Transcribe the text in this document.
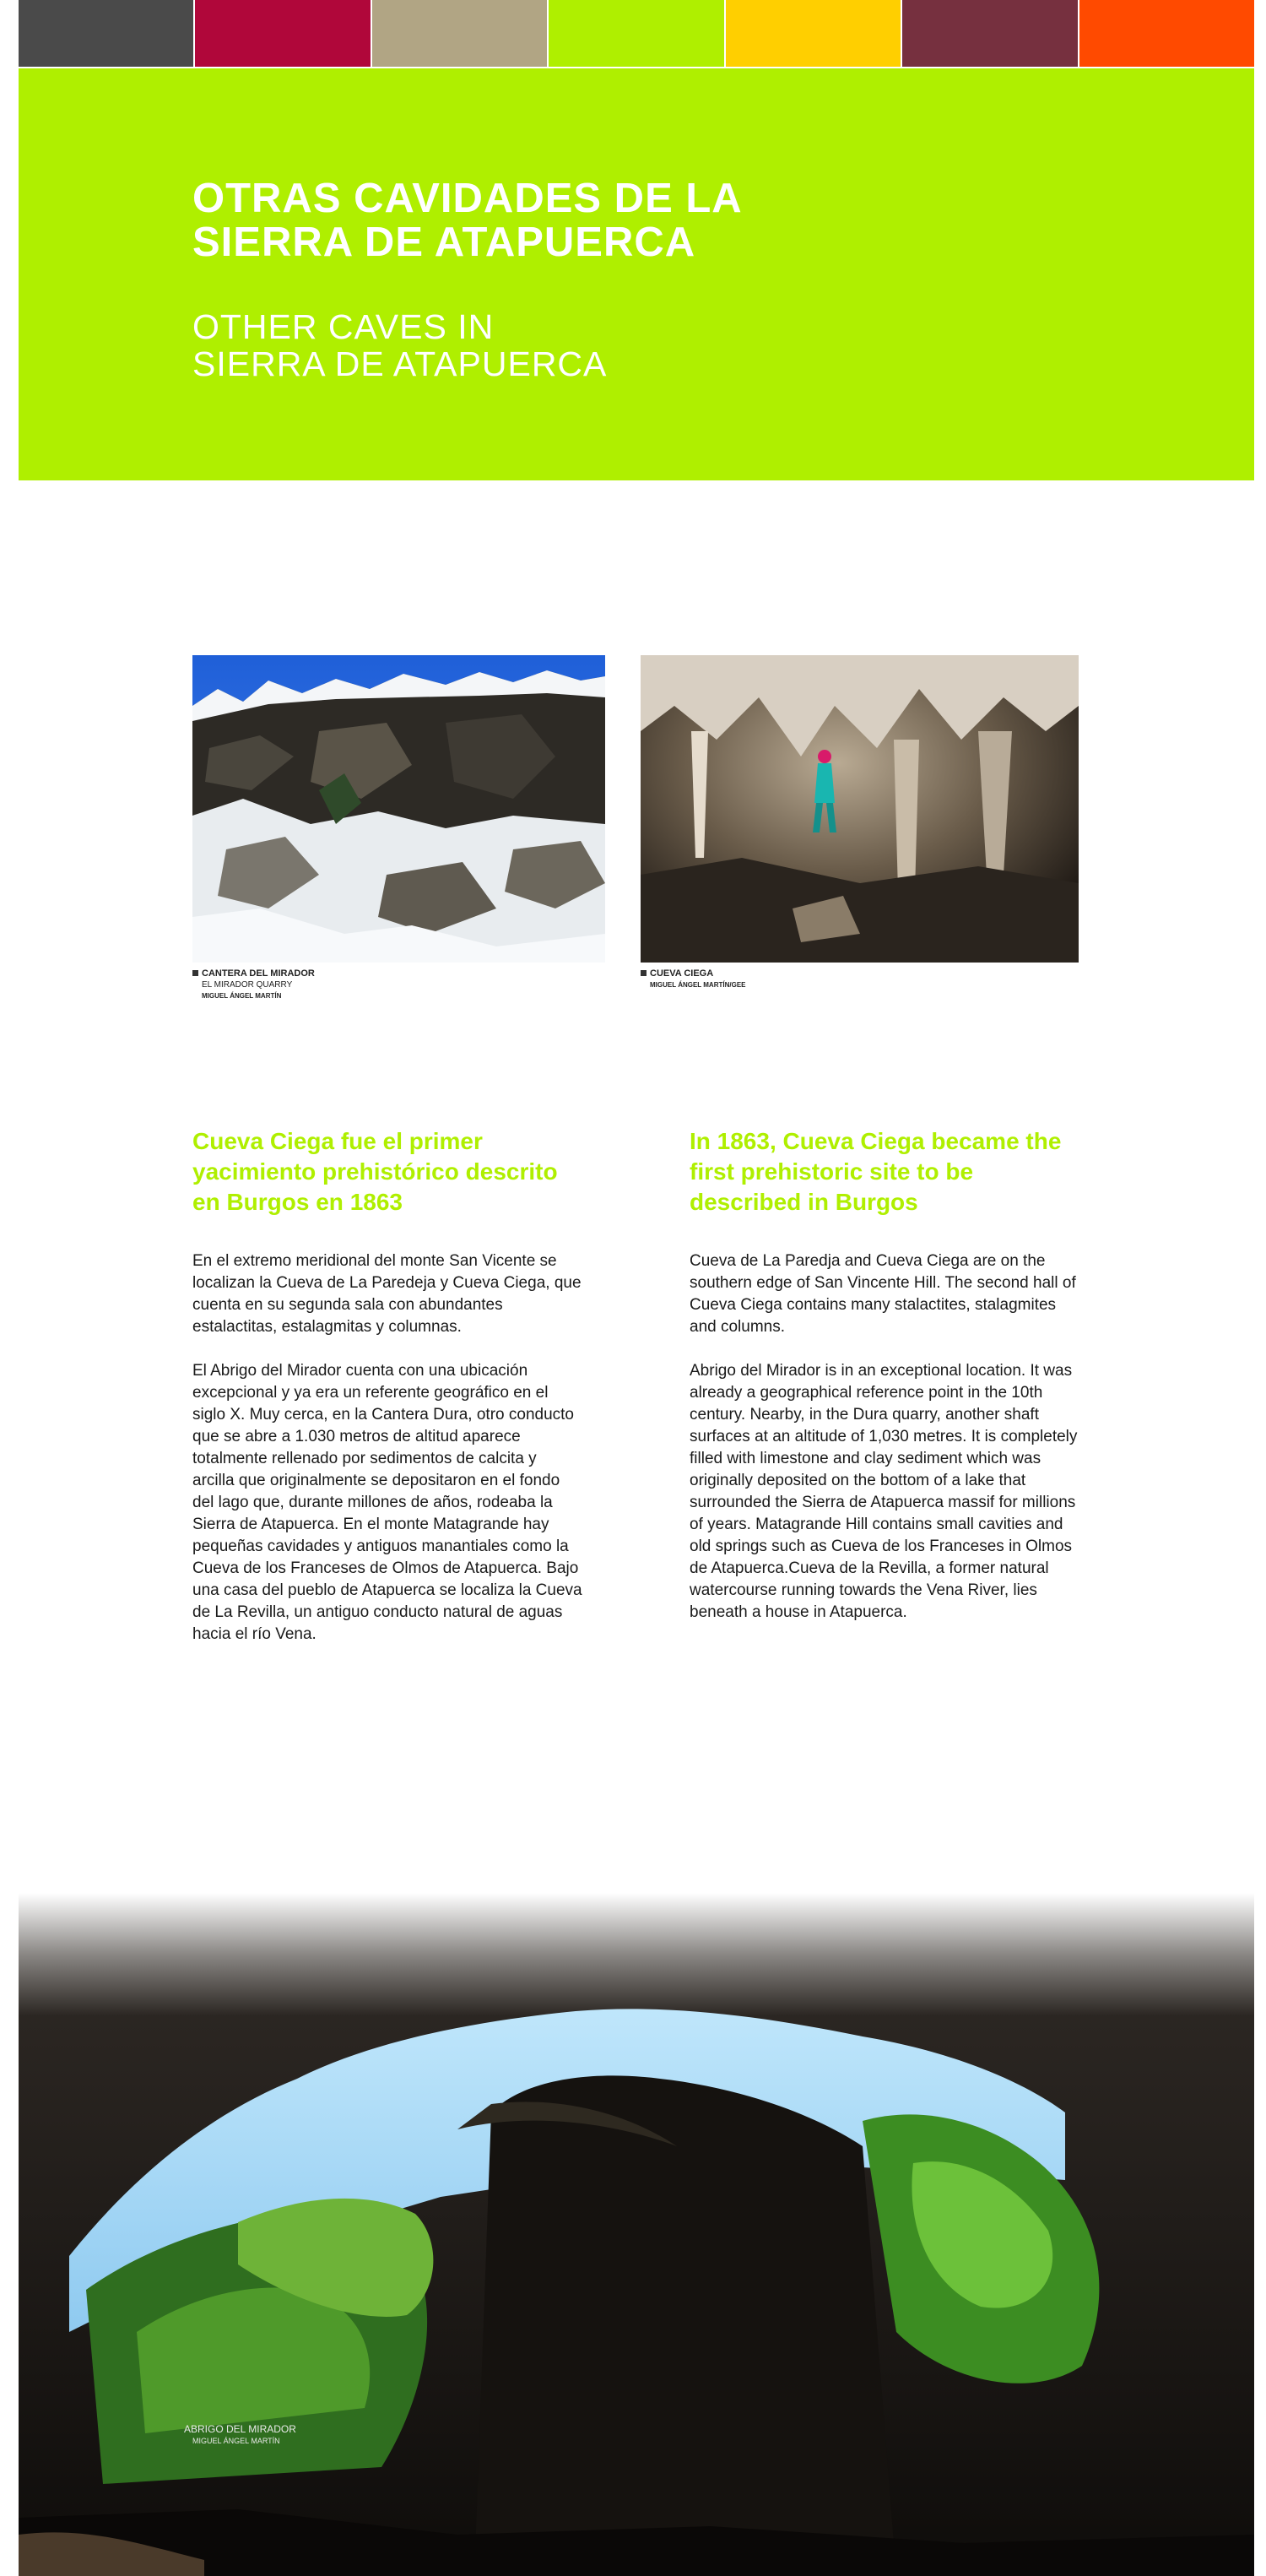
OTRAS CAVIDADES DE LA
SIERRA DE ATAPUERCA
OTHER CAVES IN
SIERRA DE ATAPUERCA
CANTERA DEL MIRADOR
EL MIRADOR QUARRY
MIGUEL ÁNGEL MARTÍN
CUEVA CIEGA
MIGUEL ÁNGEL MARTÍN/GEE
Cueva Ciega fue el primer yacimiento prehistórico descrito en Burgos en 1863

En el extremo meridional del monte San Vicente se localizan la Cueva de La Paredeja y Cueva Ciega, que cuenta en su segunda sala con abundantes estalactitas, estalagmitas y columnas.

El Abrigo del Mirador cuenta con una ubicación excepcional y ya era un referente geográfico en el siglo X. Muy cerca, en la Cantera Dura, otro conducto que se abre a 1.030 metros de altitud aparece totalmente rellenado por sedimentos de calcita y arcilla que originalmente se depositaron en el fondo del lago que, durante millones de años, rodeaba la Sierra de Atapuerca. En el monte Matagrande hay pequeñas cavidades y antiguos manantiales como la Cueva de los Franceses de Olmos de Atapuerca. Bajo una casa del pueblo de Atapuerca se localiza la Cueva de La Revilla, un antiguo conducto natural de aguas hacia el río Vena.

In 1863, Cueva Ciega became the first prehistoric site to be described in Burgos

Cueva de La Paredja and Cueva Ciega are on the southern edge of San Vincente Hill. The second hall of Cueva Ciega contains many stalactites, stalagmites and columns.

Abrigo del Mirador is in an exceptional location. It was already a geographical reference point in the 10th century. Nearby, in the Dura quarry, another shaft surfaces at an altitude of 1,030 metres. It is completely filled with limestone and clay sediment which was originally deposited on the bottom of a lake that surrounded the Sierra de Atapuerca massif for millions of years. Matagrande Hill contains small cavities and old springs such as Cueva de los Franceses in Olmos de Atapuerca.Cueva de la Revilla, a former natural watercourse running towards the Vena River, lies beneath a house in Atapuerca.

ABRIGO DEL MIRADOR
MIGUEL ÁNGEL MARTÍN
